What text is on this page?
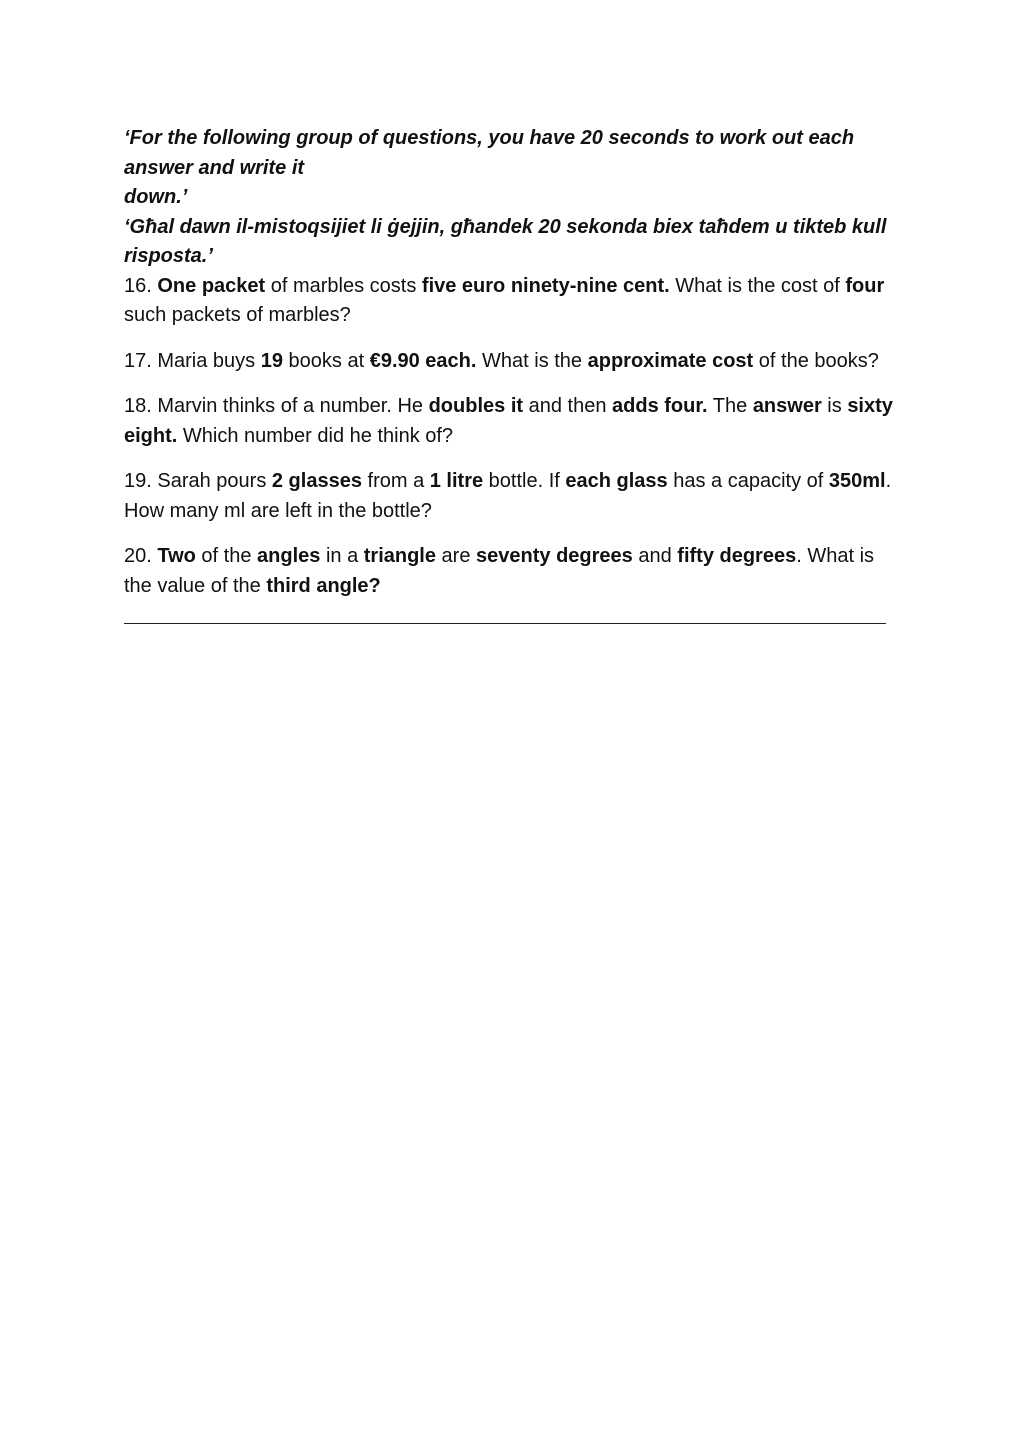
‘For the following group of questions, you have 20 seconds to work out each answer and write it
down.’

‘Għal dawn il-mistoqsijiet li ġejjin, għandek 20 sekonda biex taħdem u tikteb kull risposta.’

16. One packet of marbles costs five euro ninety-nine cent. What is the cost of four such packets of marbles?

17. Maria buys 19 books at €9.90 each. What is the approximate cost of the books?

18. Marvin thinks of a number. He doubles it and then adds four. The answer is sixty eight. Which number did he think of?

19. Sarah pours 2 glasses from a 1 litre bottle. If each glass has a capacity of 350ml. How many ml are left in the bottle?

20. Two of the angles in a triangle are seventy degrees and fifty degrees. What is the value of the third angle?
